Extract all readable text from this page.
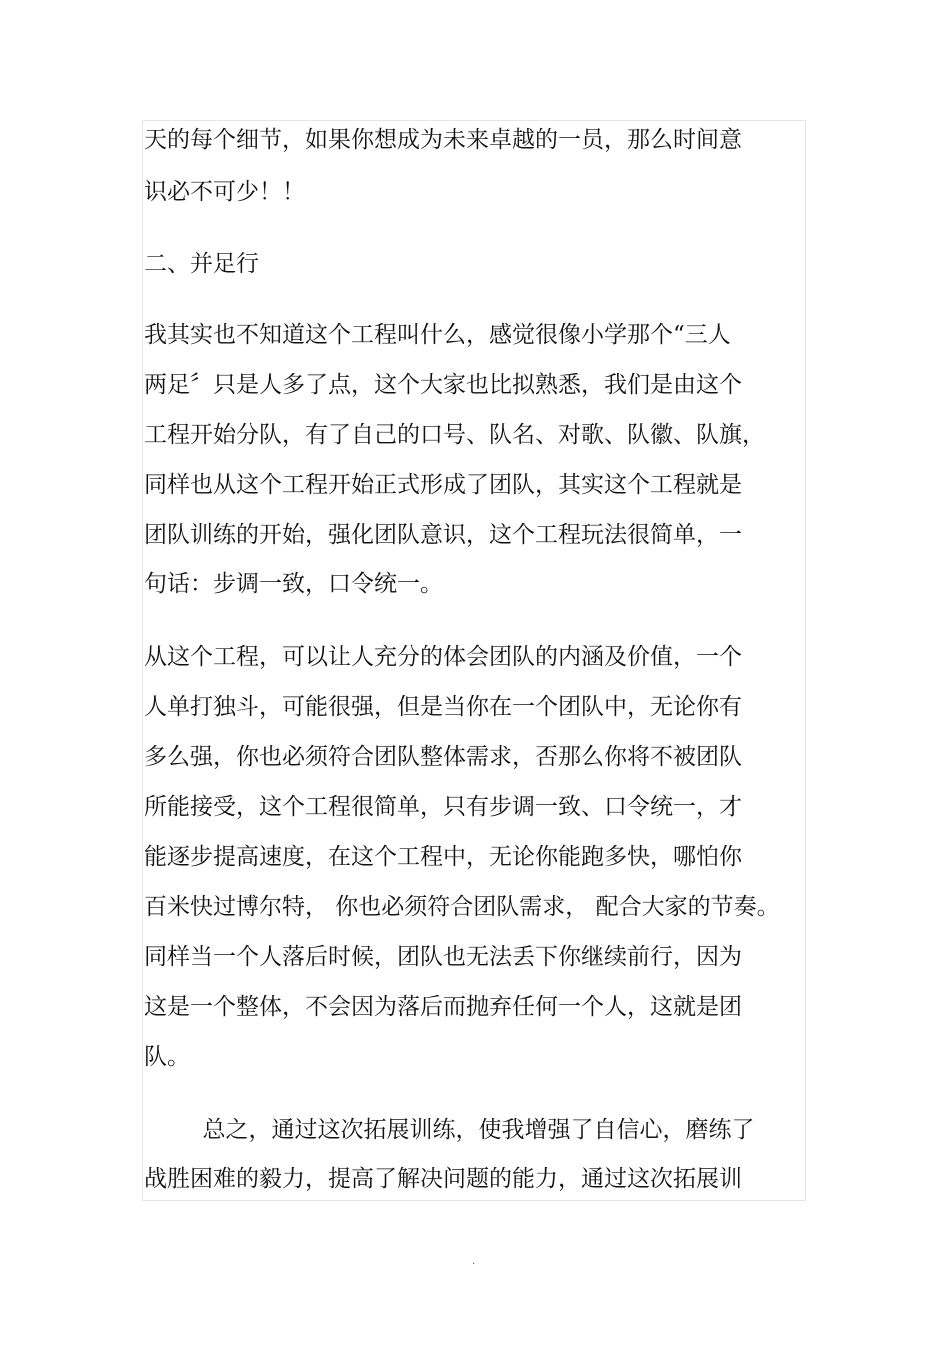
天的每个细节，如果你想成为未来卓越的一员，那么时间意
识必不可少！！
二、并足行
我其实也不知道这个工程叫什么，感觉很像小学那个“三人
两足〞只是人多了点，这个大家也比拟熟悉，我们是由这个
工程开始分队，有了自己的口号、队名、对歌、队徽、队旗，
同样也从这个工程开始正式形成了团队，其实这个工程就是
团队训练的开始，强化团队意识，这个工程玩法很简单，一
句话：步调一致，口令统一。
从这个工程，可以让人充分的体会团队的内涵及价值，一个
人单打独斗，可能很强，但是当你在一个团队中，无论你有
多么强，你也必须符合团队整体需求，否那么你将不被团队
所能接受，这个工程很简单，只有步调一致、口令统一，才
能逐步提高速度，在这个工程中，无论你能跑多快，哪怕你
百米快过博尔特， 你也必须符合团队需求， 配合大家的节奏。
同样当一个人落后时候，团队也无法丢下你继续前行，因为
这是一个整体，不会因为落后而抛弃任何一个人，这就是团
队。
总之，通过这次拓展训练，使我增强了自信心，磨练了
战胜困难的毅力，提高了解决问题的能力，通过这次拓展训
.
